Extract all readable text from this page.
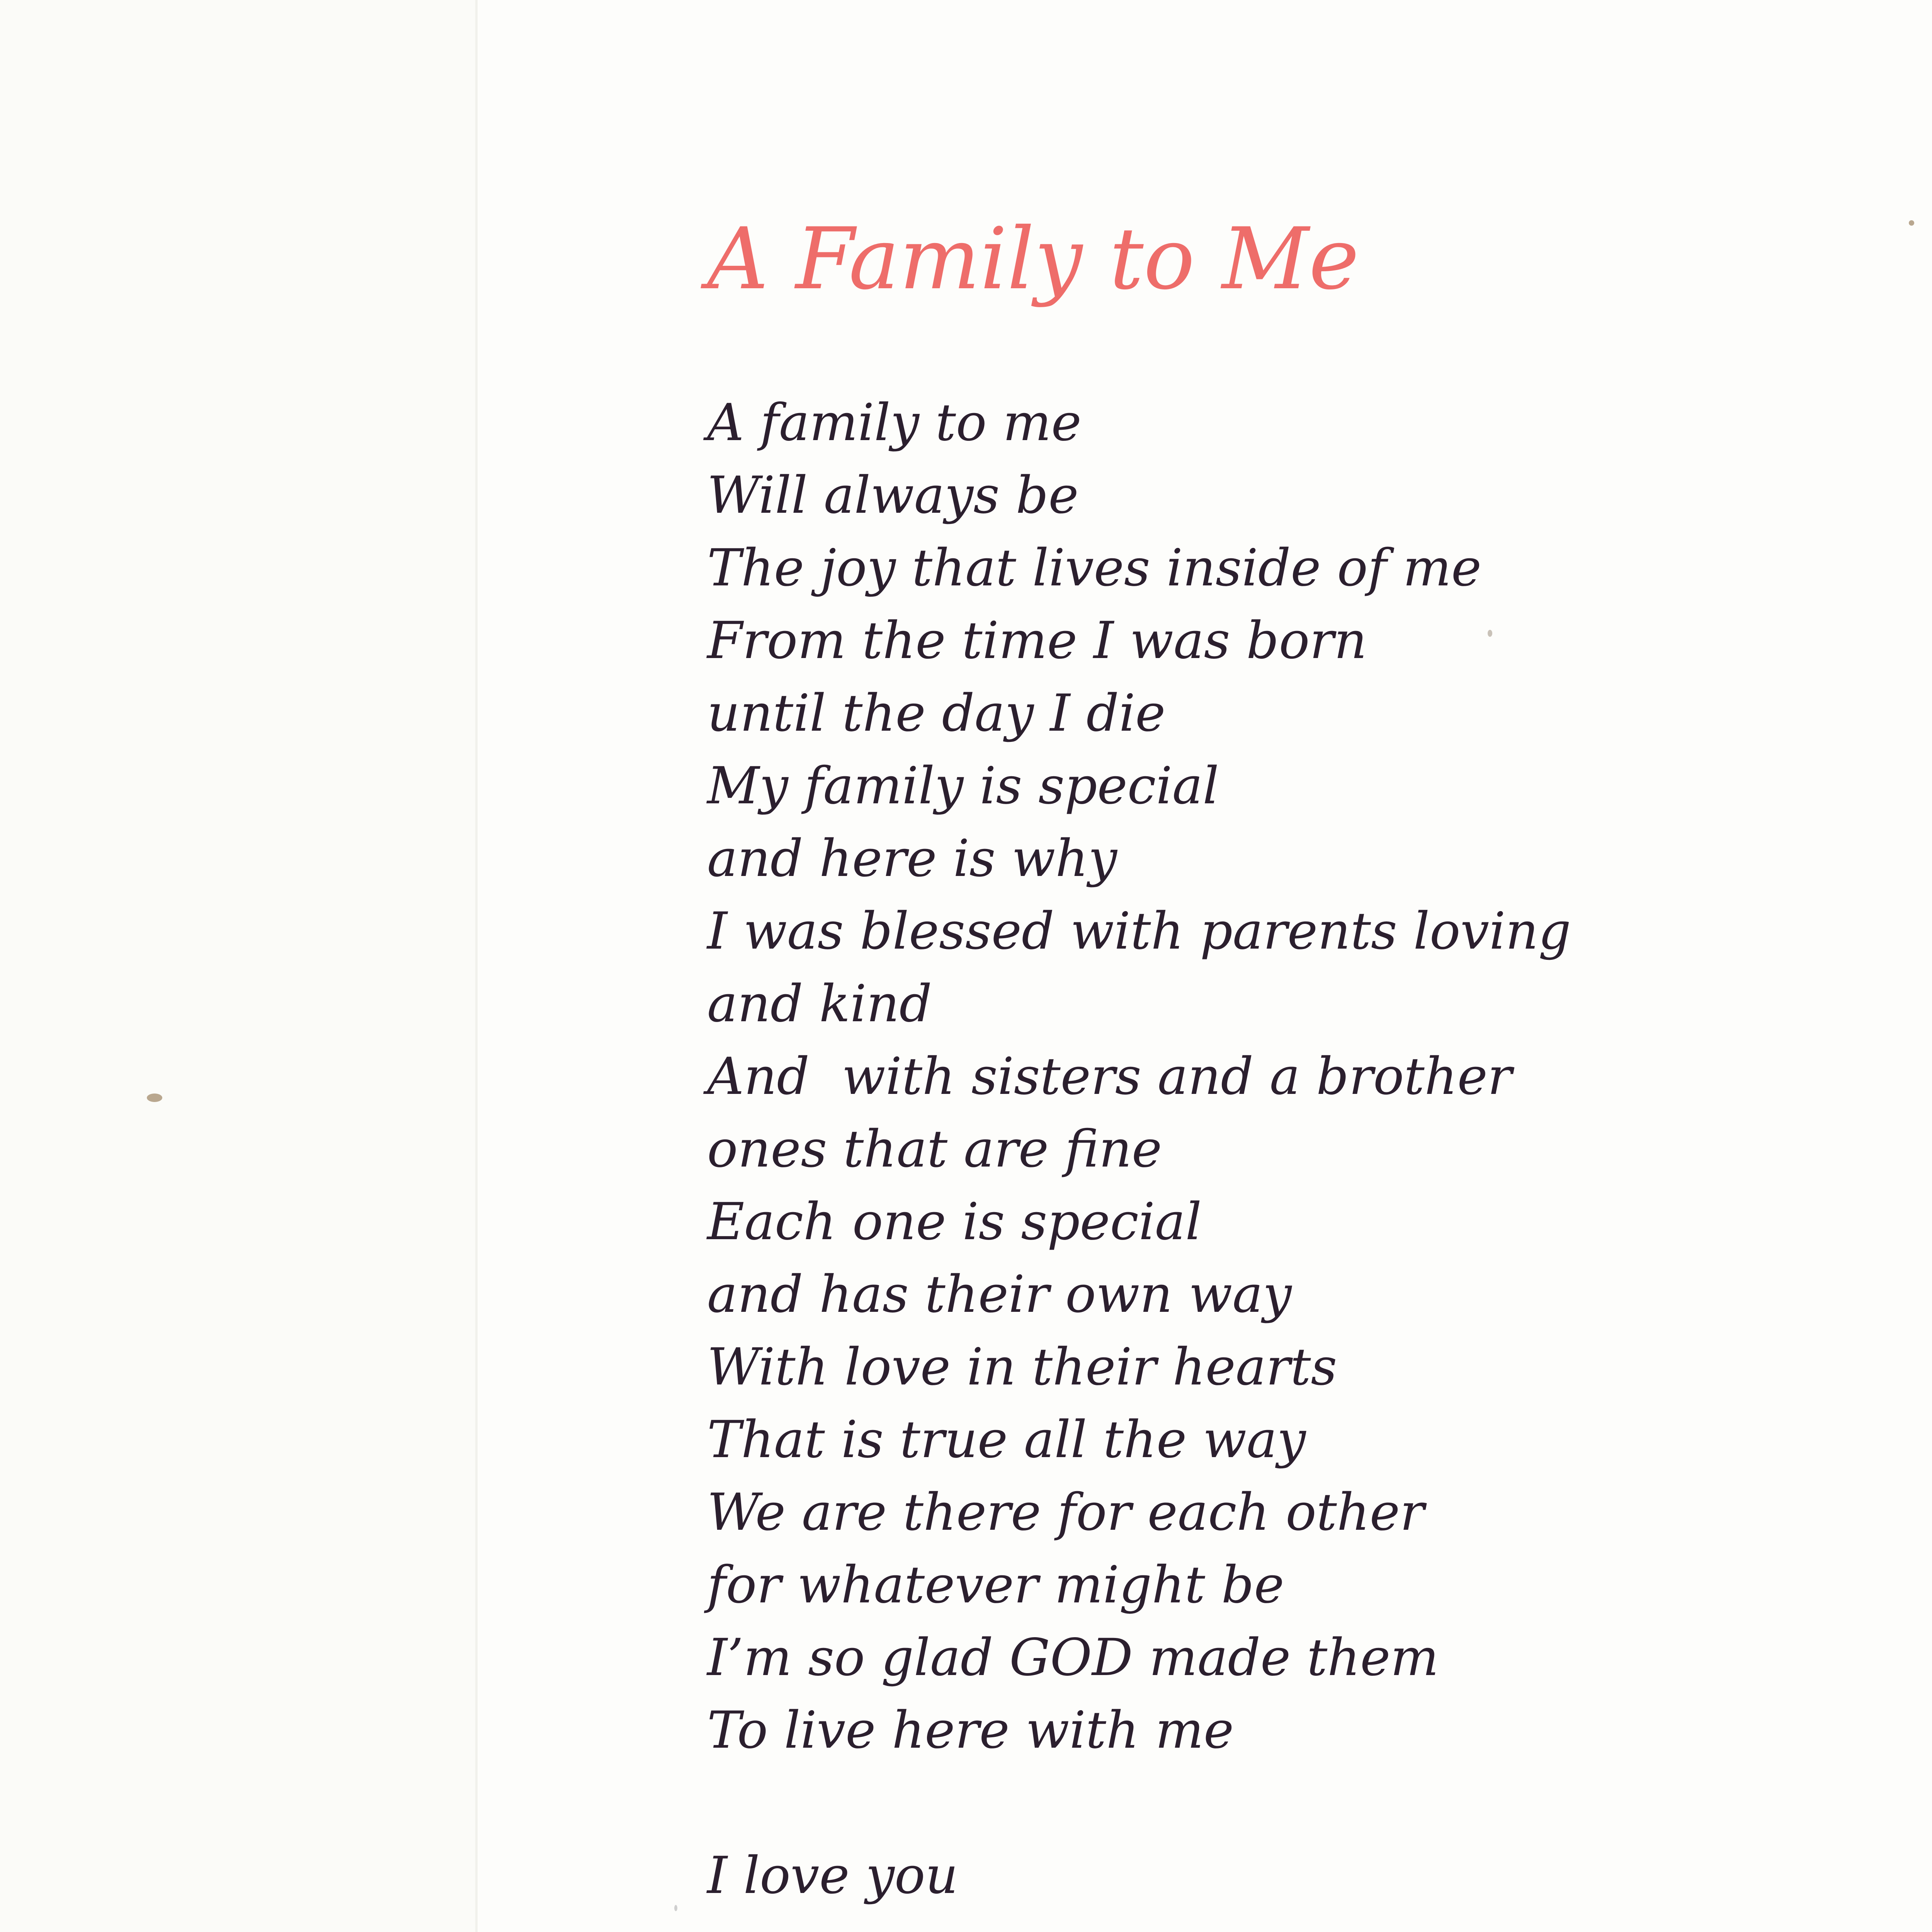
A Family to Me
A family to me
Will always be
The joy that lives inside of me
From the time I was born
until the day I die
My family is special
and here is why
I was blessed with parents loving
and kind
And  with sisters and a brother
ones that are fine
Each one is special
and has their own way
With love in their hearts
That is true all the way
We are there for each other
for whatever might be
I’m so glad GOD made them
To live here with me
I love you
